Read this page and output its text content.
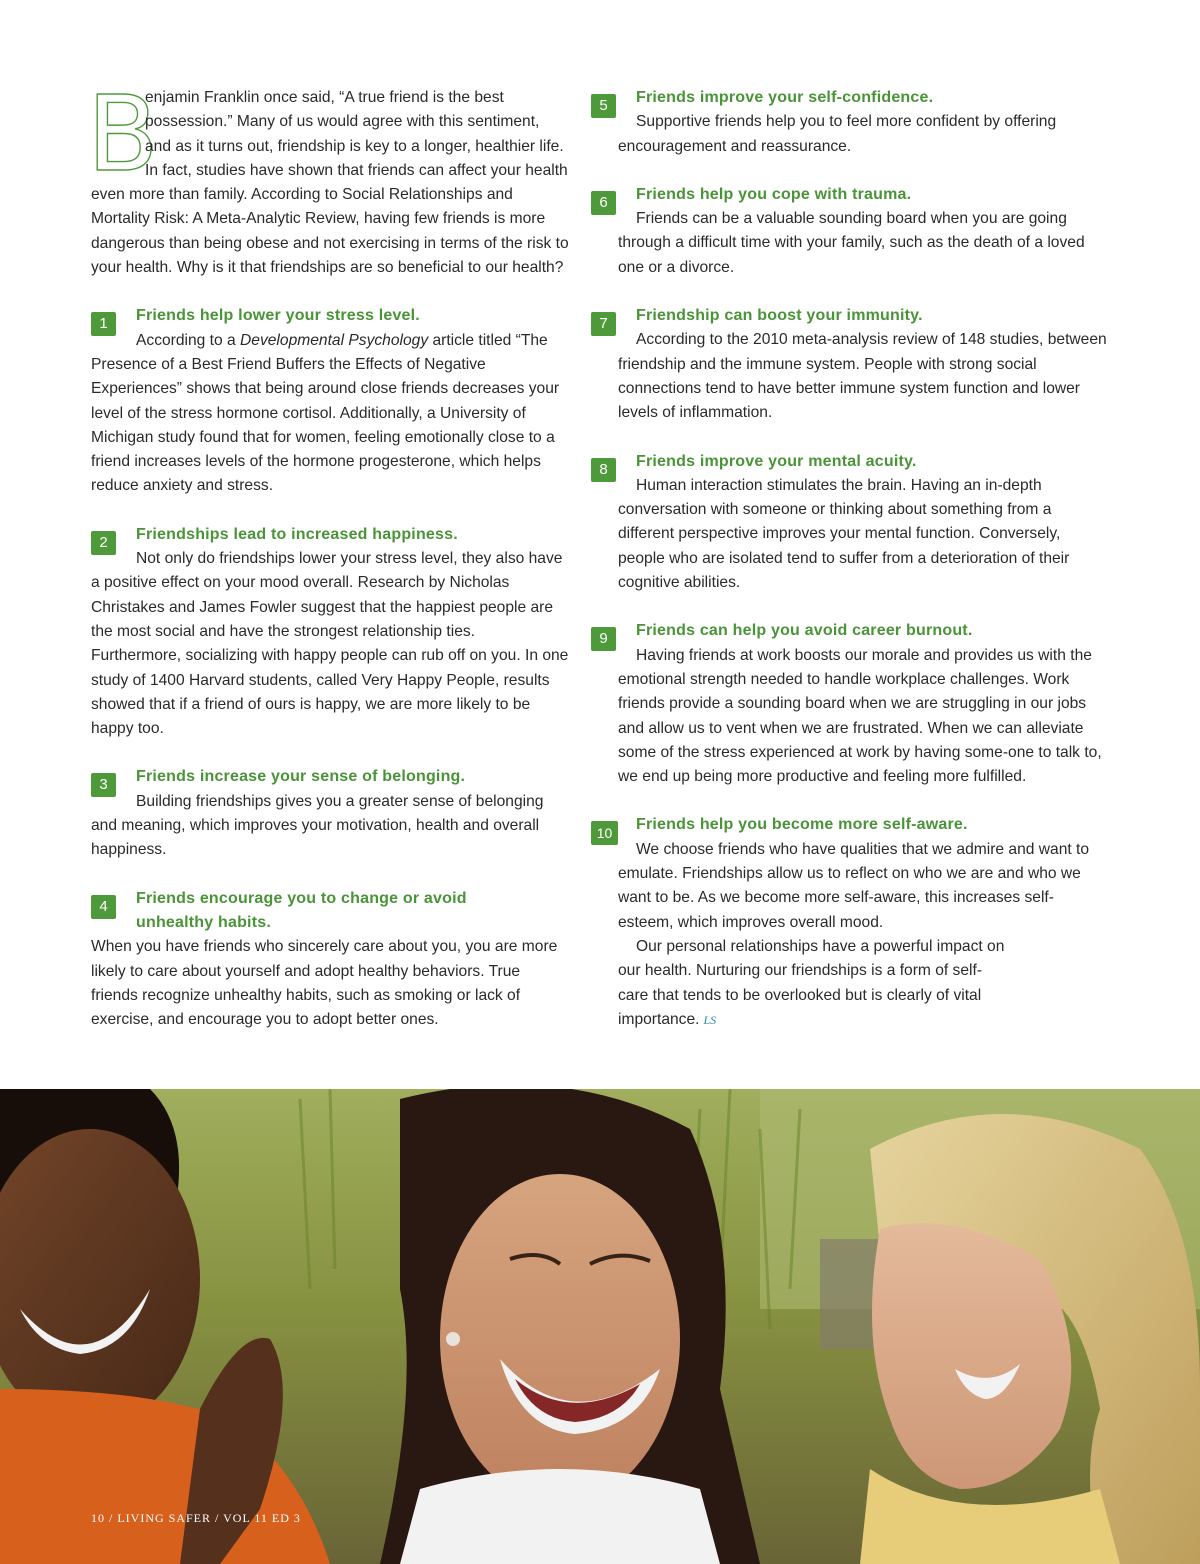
B
enjamin Franklin once said, “A true friend is the best possession.” Many of us would agree with this sentiment, and as it turns out, friendship is key to a longer, healthier life. In fact, studies have shown that friends can affect your health even more than family. According to Social Relationships and Mortality Risk: A Meta-Analytic Review, having few friends is more dangerous than being obese and not exercising in terms of the risk to your health. Why is it that friendships are so beneficial to our health?

1	Friends help lower your stress level.

According to a Developmental Psychology article titled “The Presence of a Best Friend Buffers the Effects of Negative Experiences” shows that being around close friends decreases your level of the stress hormone cortisol. Additionally, a University of Michigan study found that for women, feeling emotionally close to a friend increases levels of the hormone progesterone, which helps reduce anxiety and stress.

2	Friendships lead to increased happiness.

Not only do friendships lower your stress level, they also have a positive effect on your mood overall. Research by Nicholas Christakes and James Fowler suggest that the happiest people are the most social and have the strongest relationship ties. Furthermore, socializing with happy people can rub off on you. In one study of 1400 Harvard students, called Very Happy People, results showed that if a friend of ours is happy, we are more likely to be happy too.

3	Friends increase your sense of belonging.

Building friendships gives you a greater sense of belonging and meaning, which improves your motivation, health and overall happiness.

4	Friends encourage you to change or avoid unhealthy habits.

When you have friends who sincerely care about you, you are more likely to care about yourself and adopt healthy behaviors. True friends recognize unhealthy habits, such as smoking or lack of exercise, and encourage you to adopt better ones.

5	Friends improve your self-confidence.

Supportive friends help you to feel more confident by offering encouragement and reassurance.

6	Friends help you cope with trauma.

Friends can be a valuable sounding board when you are going through a difficult time with your family, such as the death of a loved one or a divorce.

7	Friendship can boost your immunity.

According to the 2010 meta-analysis review of 148 studies, between friendship and the immune system. People with strong social connections tend to have better immune system function and lower levels of inflammation.

8	Friends improve your mental acuity.

Human interaction stimulates the brain. Having an in-depth conversation with someone or thinking about something from a different perspective improves your mental function. Conversely, people who are isolated tend to suffer from a deterioration of their cognitive abilities.

9	Friends can help you avoid career burnout.

Having friends at work boosts our morale and provides us with the emotional strength needed to handle workplace challenges. Work friends provide a sounding board when we are struggling in our jobs and allow us to vent when we are frustrated. When we can alleviate some of the stress experienced at work by having some-one to talk to, we end up being more productive and feeling more fulfilled.

10	Friends help you become more self-aware.

We choose friends who have qualities that we admire and want to emulate. Friendships allow us to reflect on who we are and who we want to be. As we become more self-aware, this increases self-esteem, which improves overall mood.

Our personal relationships have a powerful impact on our health. Nurturing our friendships is a form of self-care that tends to be overlooked but is clearly of vital importance. LS

10 / LIVING SAFER / VOL 11 ED 3
